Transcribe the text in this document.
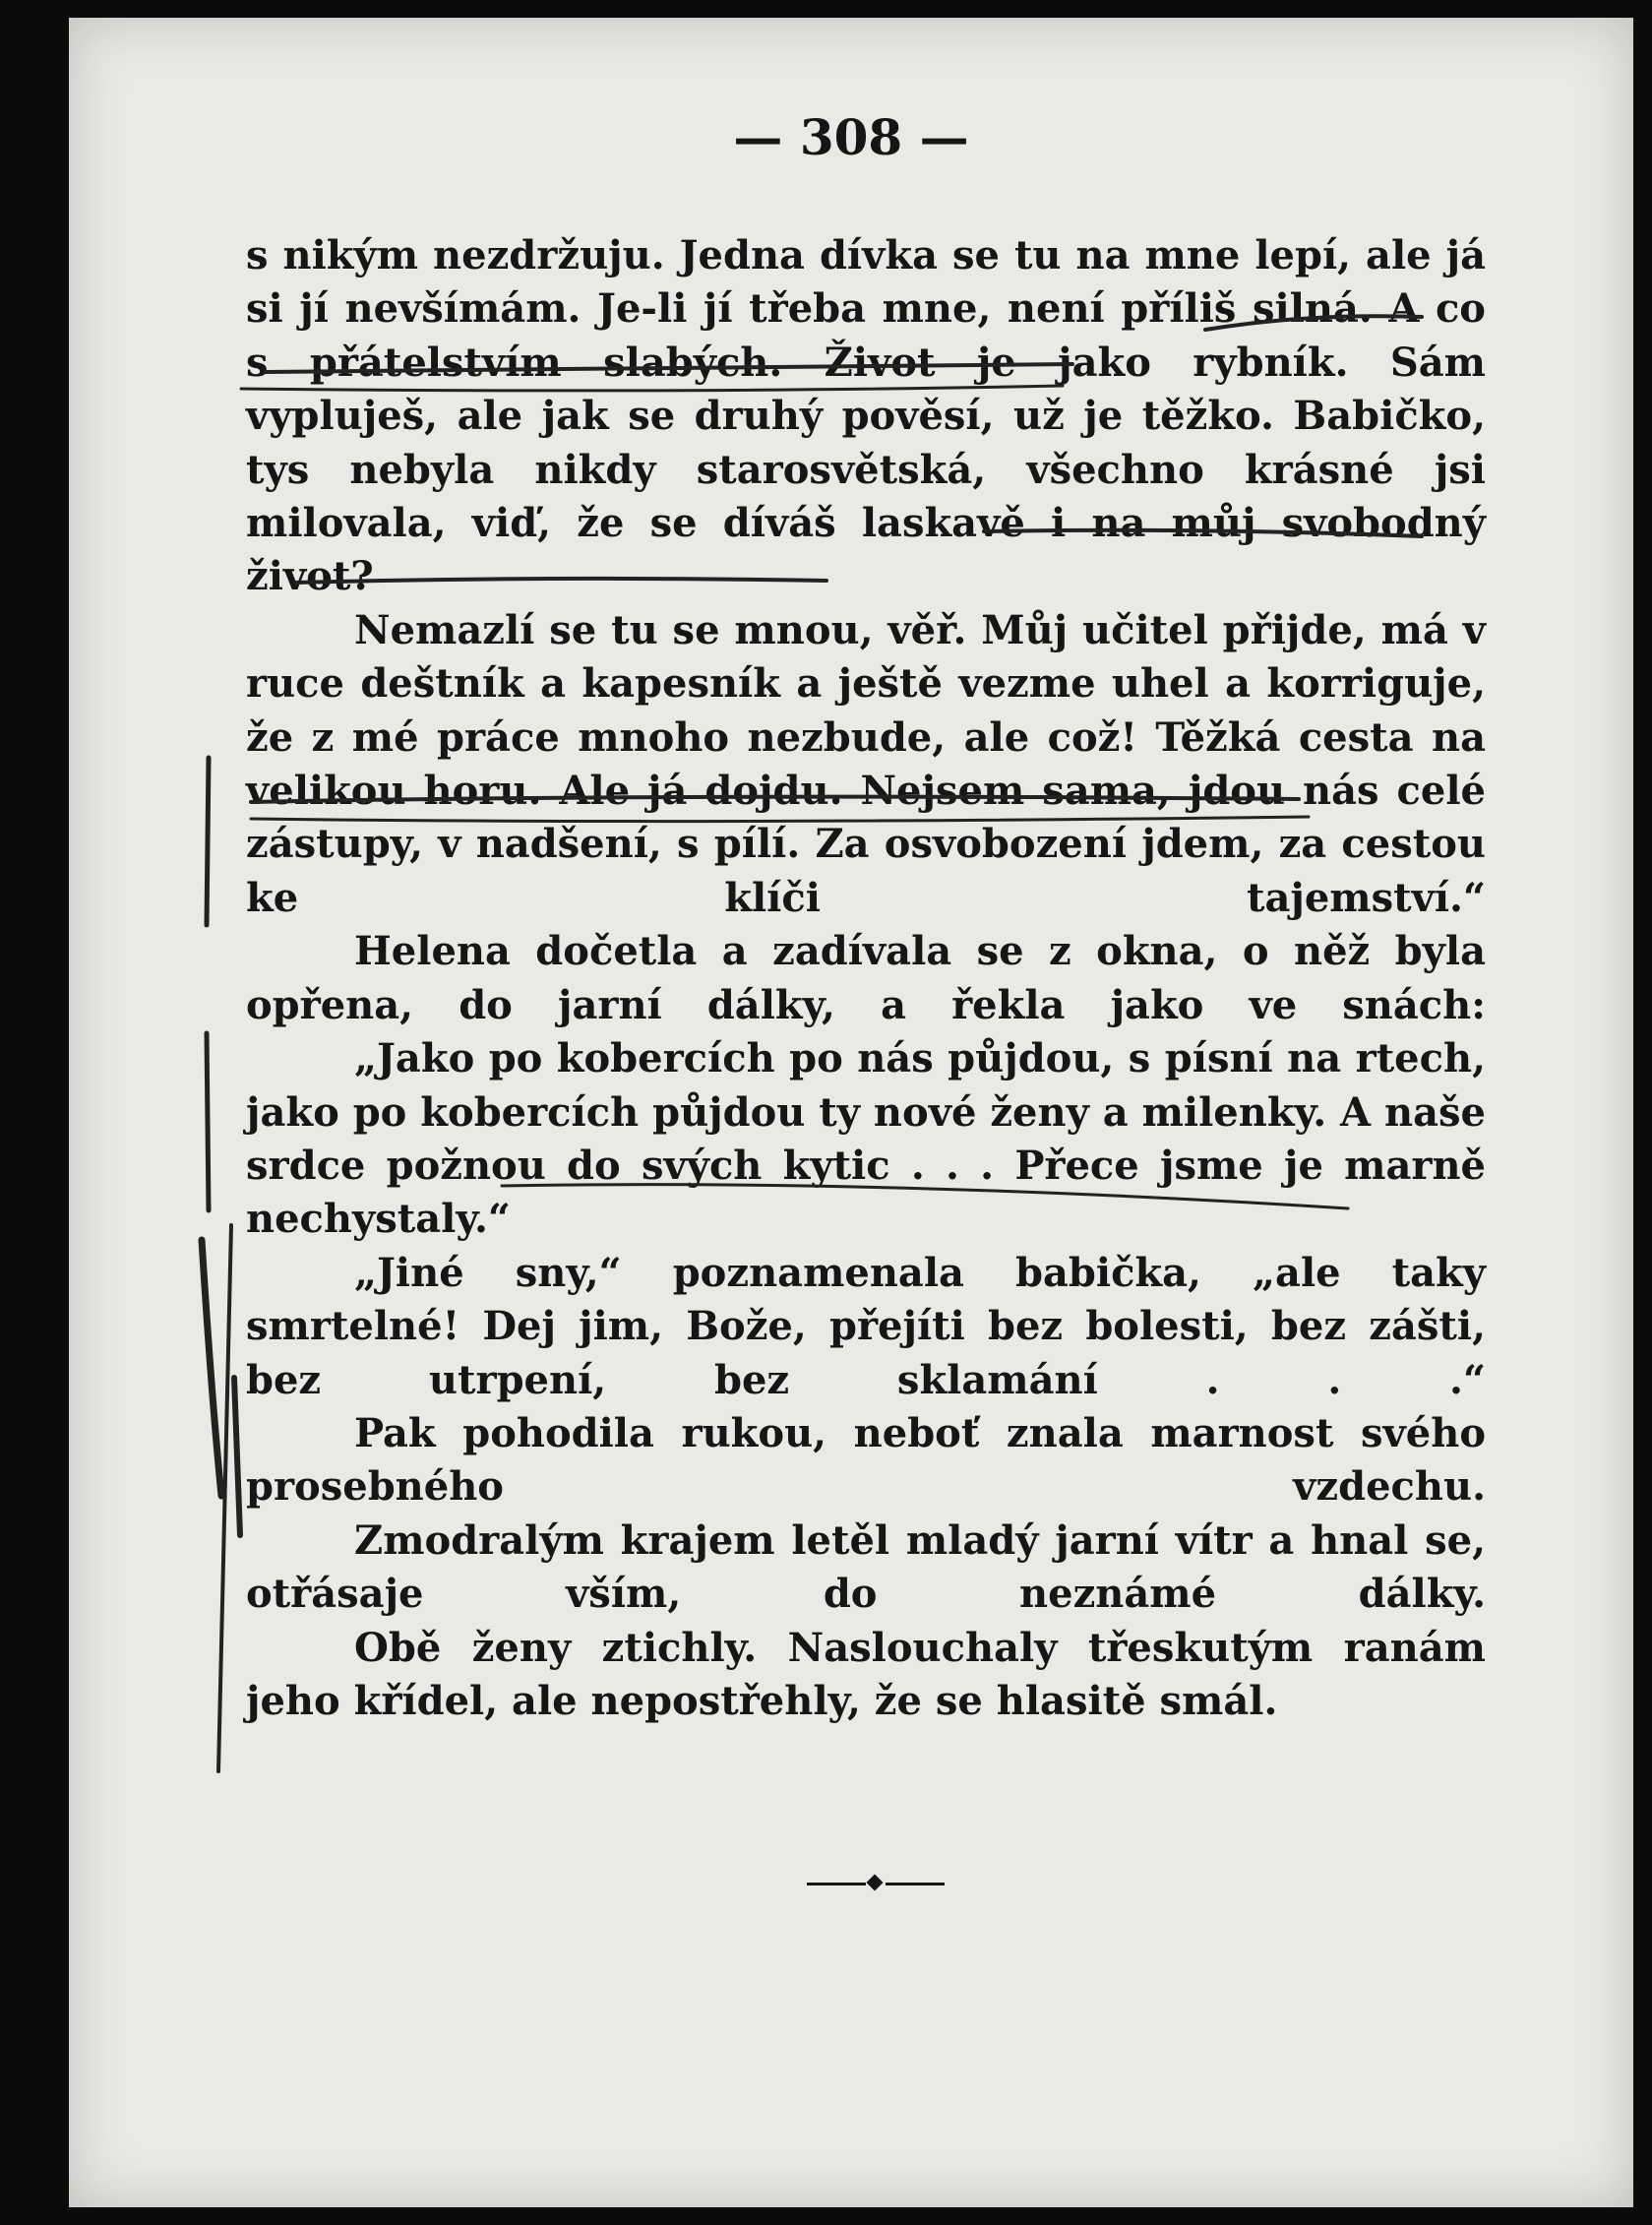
— 308 —

s nikým nezdržuju. Jedna dívka se tu na mne lepí, ale já si jí nevšímám. Je-li jí třeba mne, není příliš silná. A co s přátelstvím slabých. Život je jako rybník. Sám vypluješ, ale jak se druhý pověsí, už je těžko. Babičko, tys nebyla nikdy starosvětská, všechno krásné jsi milovala, viď, že se díváš laskavě i na můj svobodný život?

Nemazlí se tu se mnou, věř. Můj učitel přijde, má v ruce deštník a kapesník a ještě vezme uhel a korriguje, že z mé práce mnoho nezbude, ale což! Těžká cesta na velikou horu. Ale já dojdu. Nejsem sama, jdou nás celé zástupy, v nadšení, s pílí. Za osvobození jdem, za cestou ke klíči tajemství.“

Helena dočetla a zadívala se z okna, o něž byla opřena, do jarní dálky, a řekla jako ve snách:

„Jako po kobercích po nás půjdou, s písní na rtech, jako po kobercích půjdou ty nové ženy a milenky. A naše srdce požnou do svých kytic . . . Přece jsme je marně nechystaly.“

„Jiné sny,“ poznamenala babička, „ale taky smrtelné! Dej jim, Bože, přejíti bez bolesti, bez zášti, bez utrpení, bez sklamání . . .“

Pak pohodila rukou, neboť znala marnost svého prosebného vzdechu.

Zmodralým krajem letěl mladý jarní vítr a hnal se, otřásaje vším, do neznámé dálky.

Obě ženy ztichly. Naslouchaly třeskutým ranám jeho křídel, ale nepostřehly, že se hlasitě smál.
